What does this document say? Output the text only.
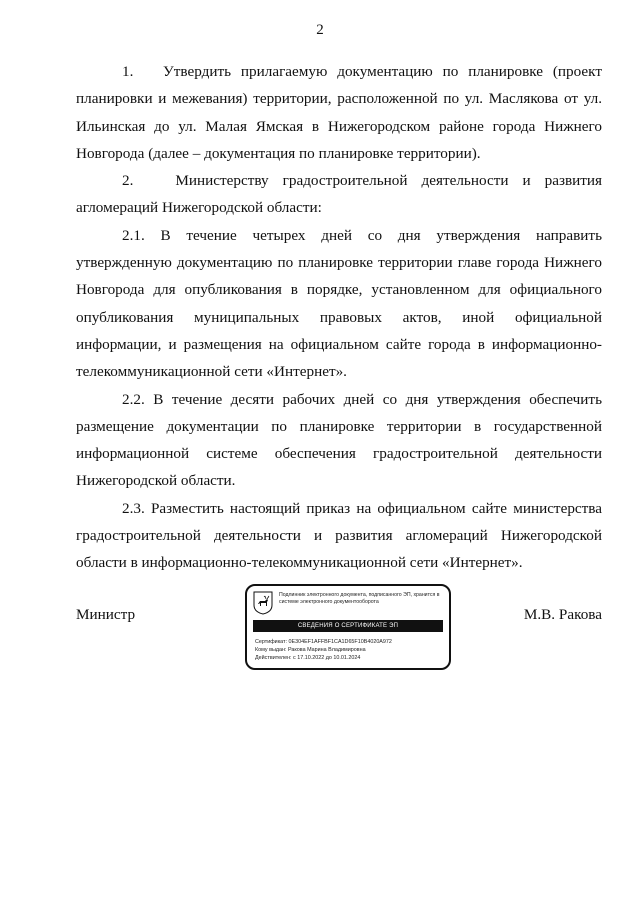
2

1.   Утвердить прилагаемую документацию по планировке (проект планировки и межевания) территории, расположенной по ул. Маслякова от ул. Ильинская до ул. Малая Ямская в Нижегородском районе города Нижнего Новгорода (далее – документация по планировке территории).

2.   Министерству градостроительной деятельности и развития агломераций Нижегородской области:

2.1. В течение четырех дней со дня утверждения направить утвержденную документацию по планировке территории главе города Нижнего Новгорода для опубликования в порядке, установленном для официального опубликования муниципальных правовых актов, иной официальной информации, и размещения на официальном сайте города в информационно-телекоммуникационной сети «Интернет».

2.2. В течение десяти рабочих дней со дня утверждения обеспечить размещение документации по планировке территории в государственной информационной системе обеспечения градостроительной деятельности Нижегородской области.

2.3. Разместить настоящий приказ на официальном сайте министерства градостроительной деятельности и развития агломераций Нижегородской области в информационно-телекоммуникационной сети «Интернет».

Министр
Подлинник электронного документа, подписанного ЭП, хранится в системе электронного документооборота
СВЕДЕНИЯ О СЕРТИФИКАТЕ ЭП
Сертификат: 0E304EF1AFFBF1CA1D65F10B4020A972
Кому выдан: Ракова Марина Владимировна
Действителен: с 17.10.2022 до 10.01.2024
М.В. Ракова
